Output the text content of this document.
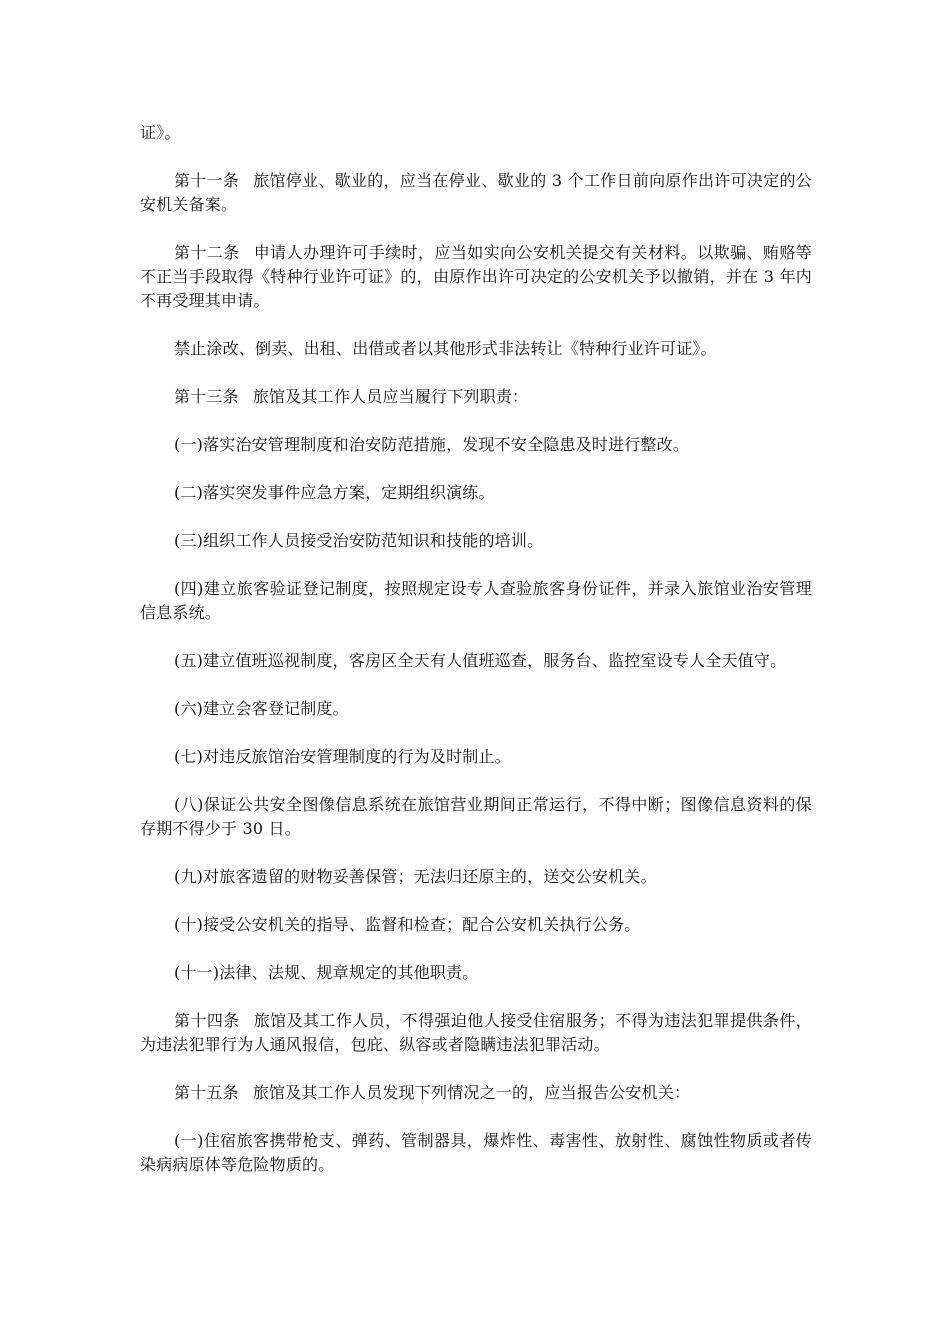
证》。

第十一条 旅馆停业、歇业的，应当在停业、歇业的 3 个工作日前向原作出许可决定的公安机关备案。

第十二条 申请人办理许可手续时，应当如实向公安机关提交有关材料。以欺骗、贿赂等不正当手段取得《特种行业许可证》的，由原作出许可决定的公安机关予以撤销，并在 3 年内不再受理其申请。

禁止涂改、倒卖、出租、出借或者以其他形式非法转让《特种行业许可证》。

第十三条 旅馆及其工作人员应当履行下列职责：

(一)落实治安管理制度和治安防范措施，发现不安全隐患及时进行整改。

(二)落实突发事件应急方案，定期组织演练。

(三)组织工作人员接受治安防范知识和技能的培训。

(四)建立旅客验证登记制度，按照规定设专人查验旅客身份证件，并录入旅馆业治安管理信息系统。

(五)建立值班巡视制度，客房区全天有人值班巡查，服务台、监控室设专人全天值守。

(六)建立会客登记制度。

(七)对违反旅馆治安管理制度的行为及时制止。

(八)保证公共安全图像信息系统在旅馆营业期间正常运行，不得中断；图像信息资料的保存期不得少于 30 日。

(九)对旅客遗留的财物妥善保管；无法归还原主的，送交公安机关。

(十)接受公安机关的指导、监督和检查；配合公安机关执行公务。

(十一)法律、法规、规章规定的其他职责。

第十四条 旅馆及其工作人员，不得强迫他人接受住宿服务；不得为违法犯罪提供条件，为违法犯罪行为人通风报信，包庇、纵容或者隐瞒违法犯罪活动。

第十五条 旅馆及其工作人员发现下列情况之一的，应当报告公安机关：

(一)住宿旅客携带枪支、弹药、管制器具，爆炸性、毒害性、放射性、腐蚀性物质或者传染病病原体等危险物质的。
